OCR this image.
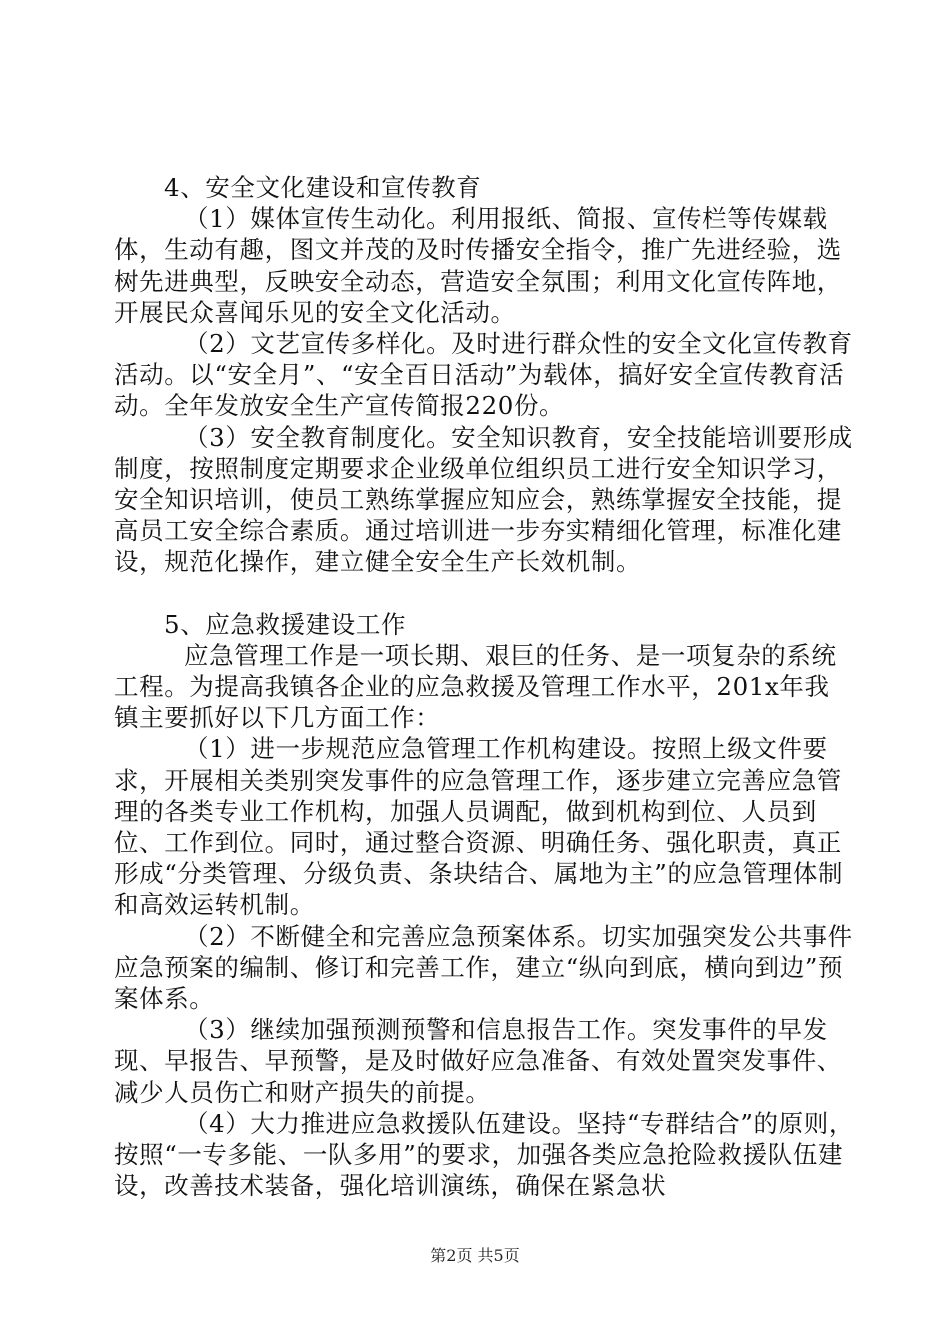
4、安全文化建设和宣传教育

（1）媒体宣传生动化。利用报纸、简报、宣传栏等传媒载体，生动有趣，图文并茂的及时传播安全指令，推广先进经验，选树先进典型，反映安全动态，营造安全氛围；利用文化宣传阵地，开展民众喜闻乐见的安全文化活动。

（2）文艺宣传多样化。及时进行群众性的安全文化宣传教育活动。以“安全月”、“安全百日活动”为载体，搞好安全宣传教育活动。全年发放安全生产宣传简报220份。

（3）安全教育制度化。安全知识教育，安全技能培训要形成制度，按照制度定期要求企业级单位组织员工进行安全知识学习，安全知识培训，使员工熟练掌握应知应会，熟练掌握安全技能，提高员工安全综合素质。通过培训进一步夯实精细化管理，标准化建设，规范化操作，建立健全安全生产长效机制。

5、应急救援建设工作

应急管理工作是一项长期、艰巨的任务、是一项复杂的系统工程。为提高我镇各企业的应急救援及管理工作水平，201x年我镇主要抓好以下几方面工作：

（1）进一步规范应急管理工作机构建设。按照上级文件要求，开展相关类别突发事件的应急管理工作，逐步建立完善应急管理的各类专业工作机构，加强人员调配，做到机构到位、人员到位、工作到位。同时，通过整合资源、明确任务、强化职责，真正形成“分类管理、分级负责、条块结合、属地为主”的应急管理体制和高效运转机制。

（2）不断健全和完善应急预案体系。切实加强突发公共事件应急预案的编制、修订和完善工作，建立“纵向到底，横向到边”预案体系。

（3）继续加强预测预警和信息报告工作。突发事件的早发现、早报告、早预警，是及时做好应急准备、有效处置突发事件、减少人员伤亡和财产损失的前提。

（4）大力推进应急救援队伍建设。坚持“专群结合”的原则，按照“一专多能、一队多用”的要求，加强各类应急抢险救援队伍建设，改善技术装备，强化培训演练，确保在紧急状

第2页 共5页
